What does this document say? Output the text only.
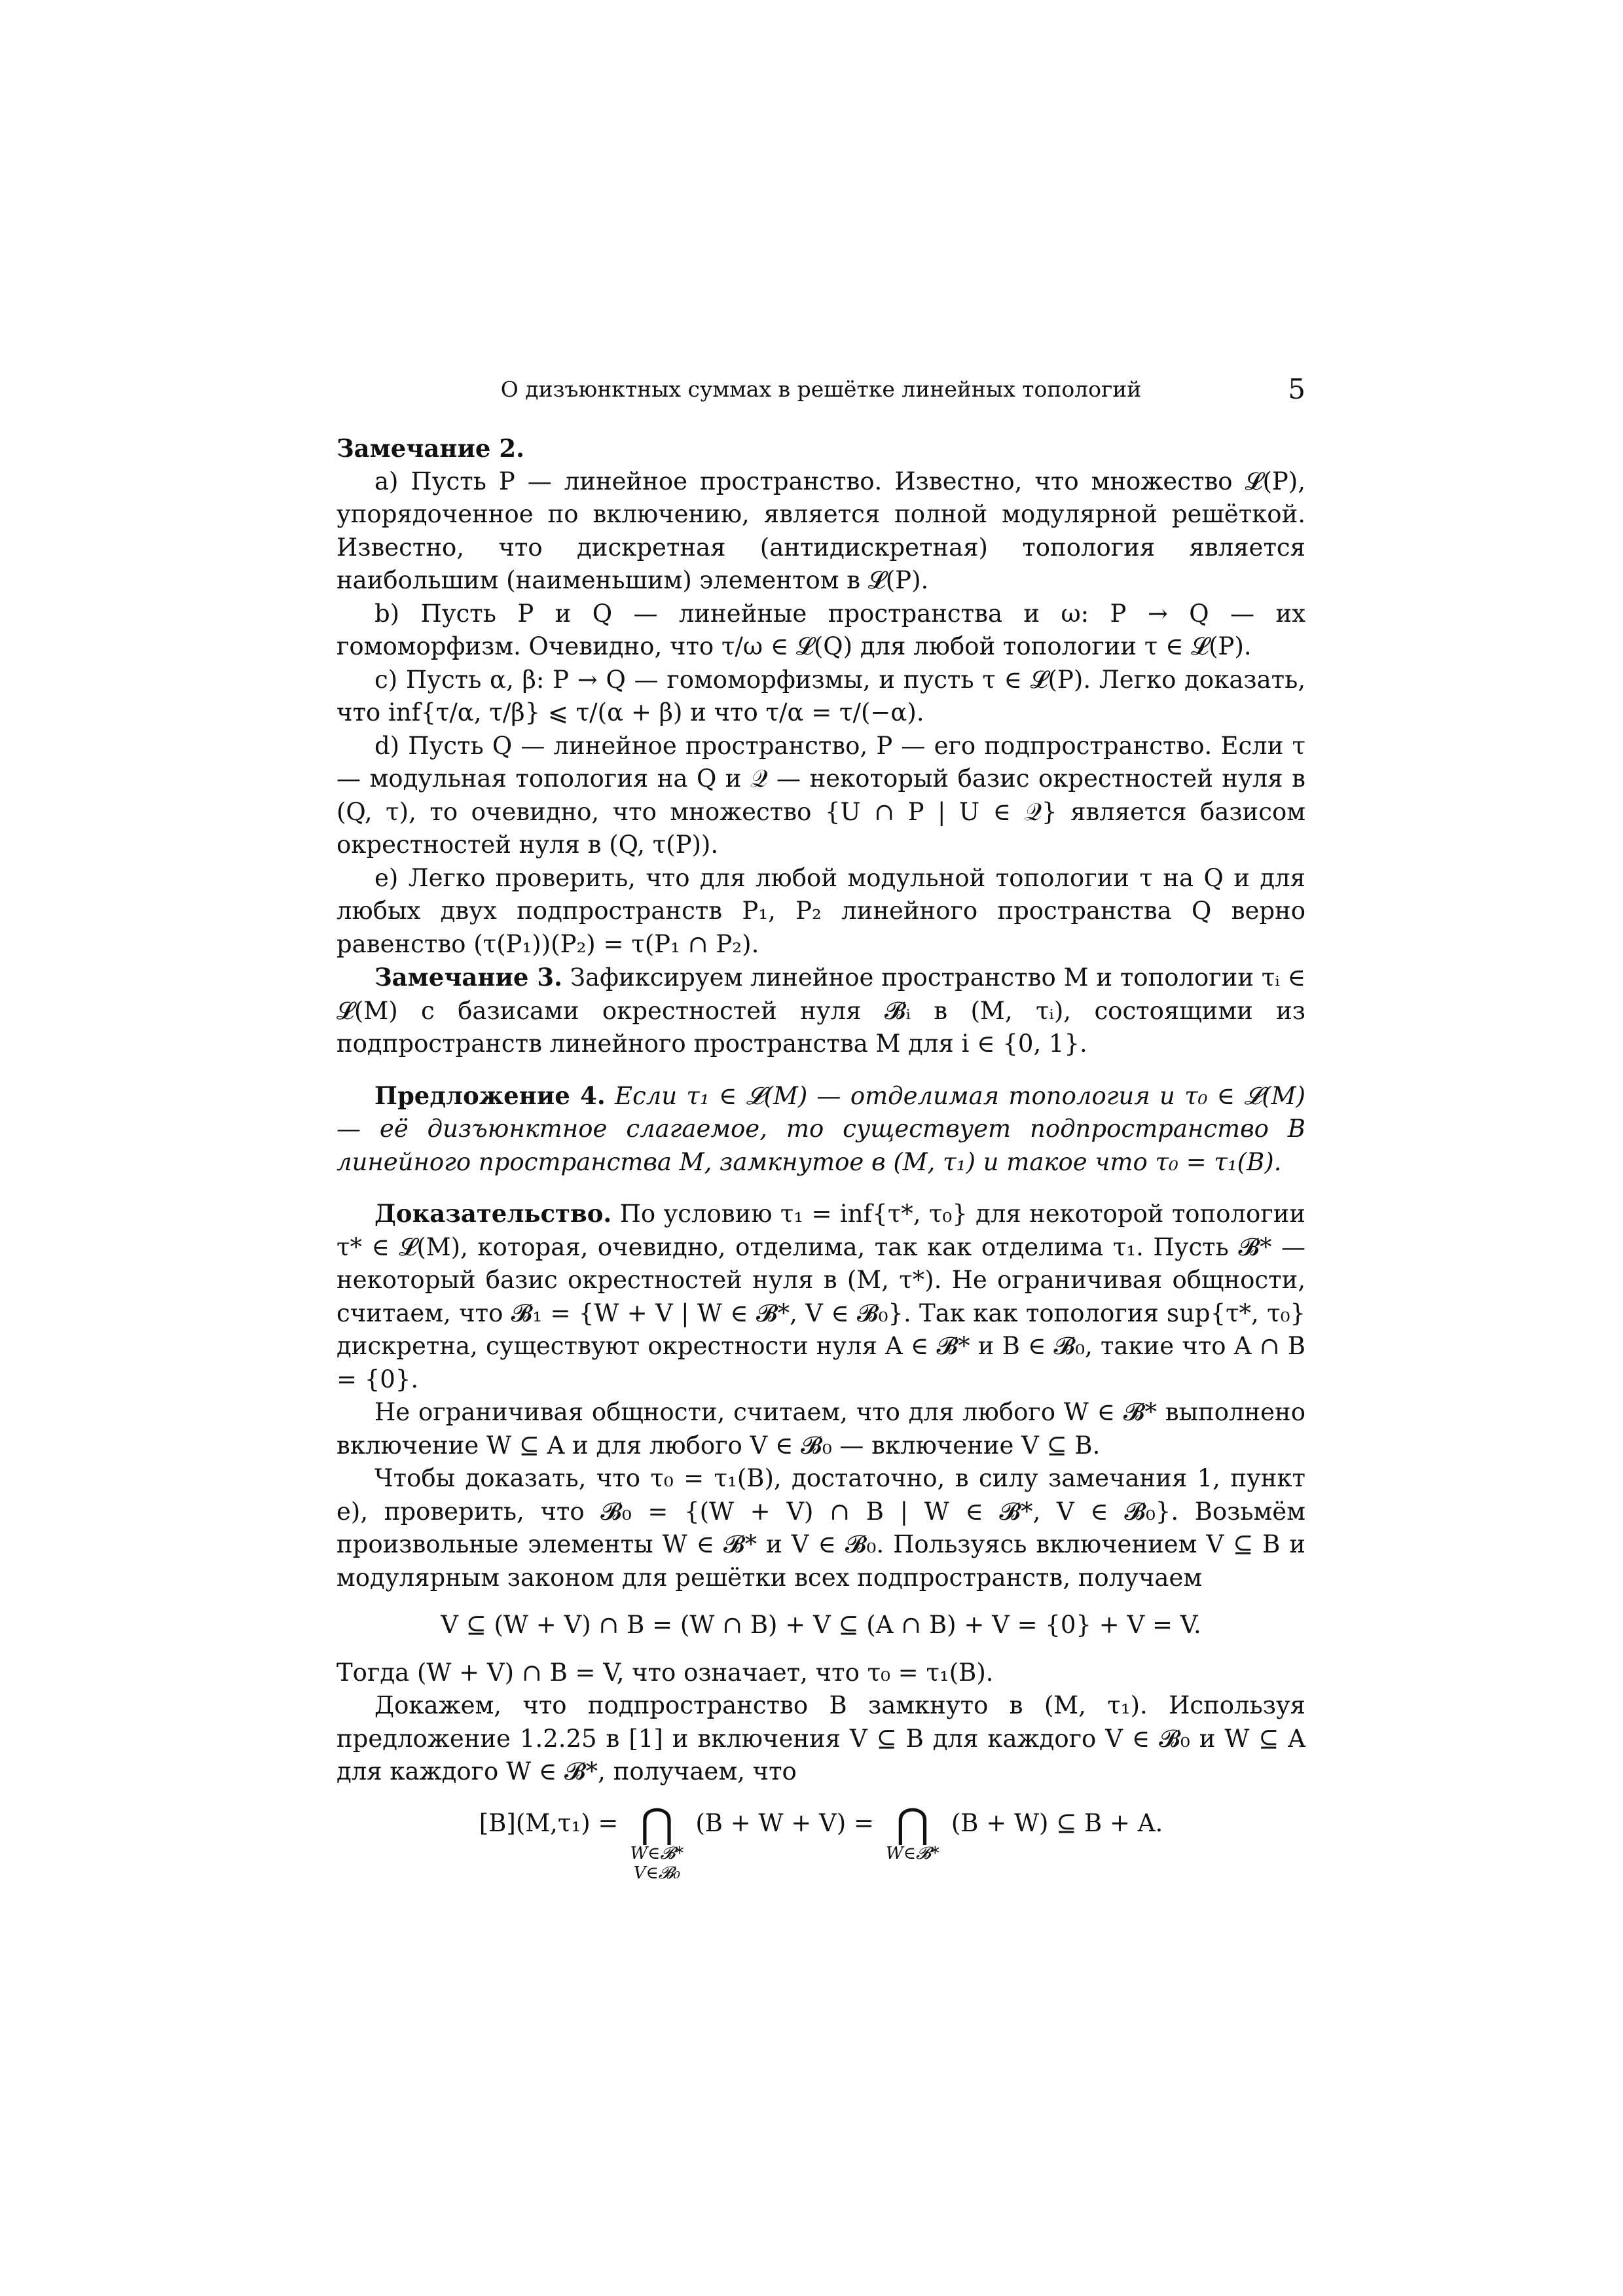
О дизъюнктных суммах в решётке линейных топологий	5

Замечание 2.

a) Пусть P — линейное пространство. Известно, что множество 𝓛(P), упорядоченное по включению, является полной модулярной решёткой. Известно, что дискретная (антидискретная) топология является наибольшим (наименьшим) элементом в 𝓛(P).

b) Пусть P и Q — линейные пространства и ω: P → Q — их гомоморфизм. Очевидно, что τ/ω ∈ 𝓛(Q) для любой топологии τ ∈ 𝓛(P).

c) Пусть α, β: P → Q — гомоморфизмы, и пусть τ ∈ 𝓛(P). Легко доказать, что inf{τ/α, τ/β} ⩽ τ/(α + β) и что τ/α = τ/(−α).

d) Пусть Q — линейное пространство, P — его подпространство. Если τ — модульная топология на Q и 𝒬 — некоторый базис окрестностей нуля в (Q, τ), то очевидно, что множество {U ∩ P | U ∈ 𝒬} является базисом окрестностей нуля в (Q, τ(P)).

e) Легко проверить, что для любой модульной топологии τ на Q и для любых двух подпространств P₁, P₂ линейного пространства Q верно равенство (τ(P₁))(P₂) = τ(P₁ ∩ P₂).

Замечание 3. Зафиксируем линейное пространство M и топологии τᵢ ∈ 𝓛(M) с базисами окрестностей нуля 𝓑ᵢ в (M, τᵢ), состоящими из подпространств линейного пространства M для i ∈ {0, 1}.

Предложение 4. Если τ₁ ∈ 𝓛(M) — отделимая топология и τ₀ ∈ 𝓛(M) — её дизъюнктное слагаемое, то существует подпространство B линейного пространства M, замкнутое в (M, τ₁) и такое что τ₀ = τ₁(B).

Доказательство. По условию τ₁ = inf{τ*, τ₀} для некоторой топологии τ* ∈ 𝓛(M), которая, очевидно, отделима, так как отделима τ₁. Пусть 𝓑* — некоторый базис окрестностей нуля в (M, τ*). Не ограничивая общности, считаем, что 𝓑₁ = {W + V | W ∈ 𝓑*, V ∈ 𝓑₀}. Так как топология sup{τ*, τ₀} дискретна, существуют окрестности нуля A ∈ 𝓑* и B ∈ 𝓑₀, такие что A ∩ B = {0}.

Не ограничивая общности, считаем, что для любого W ∈ 𝓑* выполнено включение W ⊆ A и для любого V ∈ 𝓑₀ — включение V ⊆ B.

Чтобы доказать, что τ₀ = τ₁(B), достаточно, в силу замечания 1, пункт e), проверить, что 𝓑₀ = {(W + V) ∩ B | W ∈ 𝓑*, V ∈ 𝓑₀}. Возьмём произвольные элементы W ∈ 𝓑* и V ∈ 𝓑₀. Пользуясь включением V ⊆ B и модулярным законом для решётки всех подпространств, получаем

V ⊆ (W + V) ∩ B = (W ∩ B) + V ⊆ (A ∩ B) + V = {0} + V = V.

Тогда (W + V) ∩ B = V, что означает, что τ₀ = τ₁(B).

Докажем, что подпространство B замкнуто в (M, τ₁). Используя предложение 1.2.25 в [1] и включения V ⊆ B для каждого V ∈ 𝓑₀ и W ⊆ A для каждого W ∈ 𝓑*, получаем, что

[B](M,τ₁) = ⋂
W∈𝓑*
V∈𝓑₀
(B + W + V) = ⋂
W∈𝓑*
(B + W) ⊆ B + A.
